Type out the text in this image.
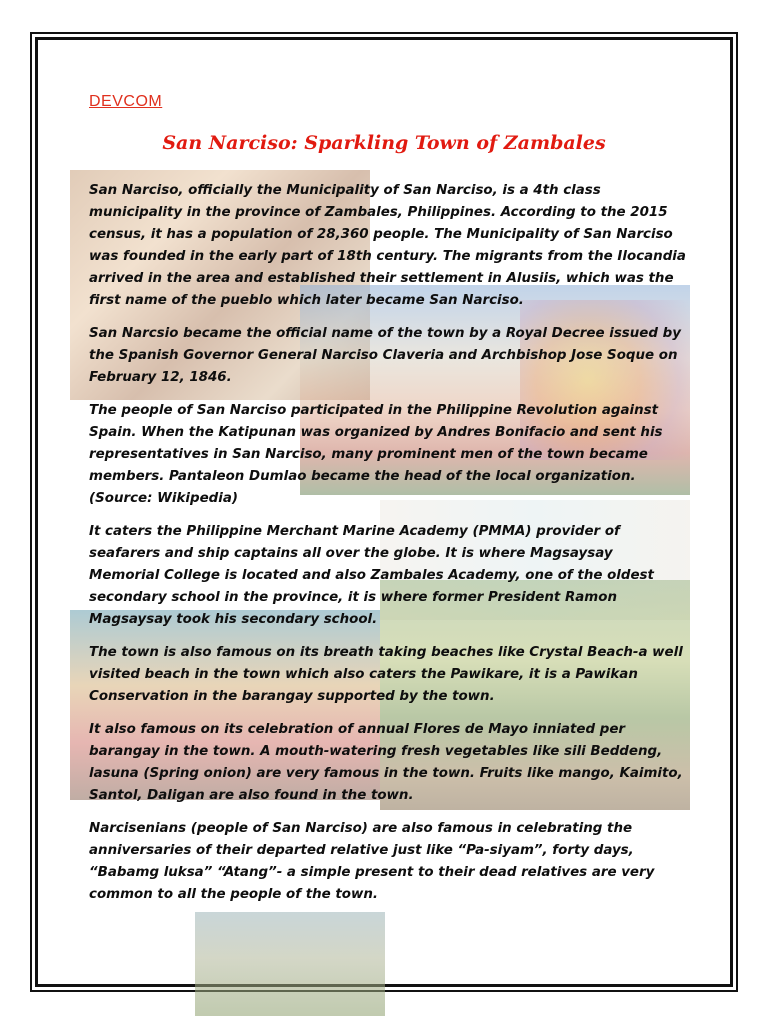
DEVCOM
San Narciso: Sparkling Town of Zambales

San Narciso, officially the Municipality of San Narciso, is a 4th class municipality in the province of Zambales, Philippines. According to the 2015 census, it has a population of 28,360 people. The Municipality of San Narciso was founded in the early part of 18th century. The migrants from the Ilocandia arrived in the area and established their settlement in Alusiis, which was the first name of the pueblo which later became San Narciso.

San Narcsio became the official name of the town by a Royal Decree issued by the Spanish Governor General Narciso Claveria and Archbishop Jose Soque on February 12, 1846.

The people of San Narciso participated in the Philippine Revolution against Spain. When the Katipunan was organized by Andres Bonifacio and sent his representatives in San Narciso, many prominent men of the town became members. Pantaleon Dumlao became the head of the local organization. (Source: Wikipedia)

It caters the Philippine Merchant Marine Academy (PMMA) provider of seafarers and ship captains all over the globe. It is where Magsaysay Memorial College is located and also Zambales Academy, one of the oldest secondary school in the province, it is where former President Ramon Magsaysay took his secondary school.

The town is also famous on its breath taking beaches like Crystal Beach-a well visited beach in the town which also caters the Pawikare, it is a Pawikan Conservation in the barangay supported by the town.

It also famous on its celebration of annual Flores de Mayo inniated per barangay in the town. A mouth-watering fresh vegetables like sili Beddeng, lasuna (Spring onion) are very famous in the town. Fruits like mango, Kaimito, Santol, Daligan are also found in the town.

Narcisenians (people of San Narciso) are also famous in celebrating the anniversaries of their departed relative just like “Pa-siyam”, forty days, “Babamg luksa” “Atang”- a simple present to their dead relatives are very common to all the people of the town.
